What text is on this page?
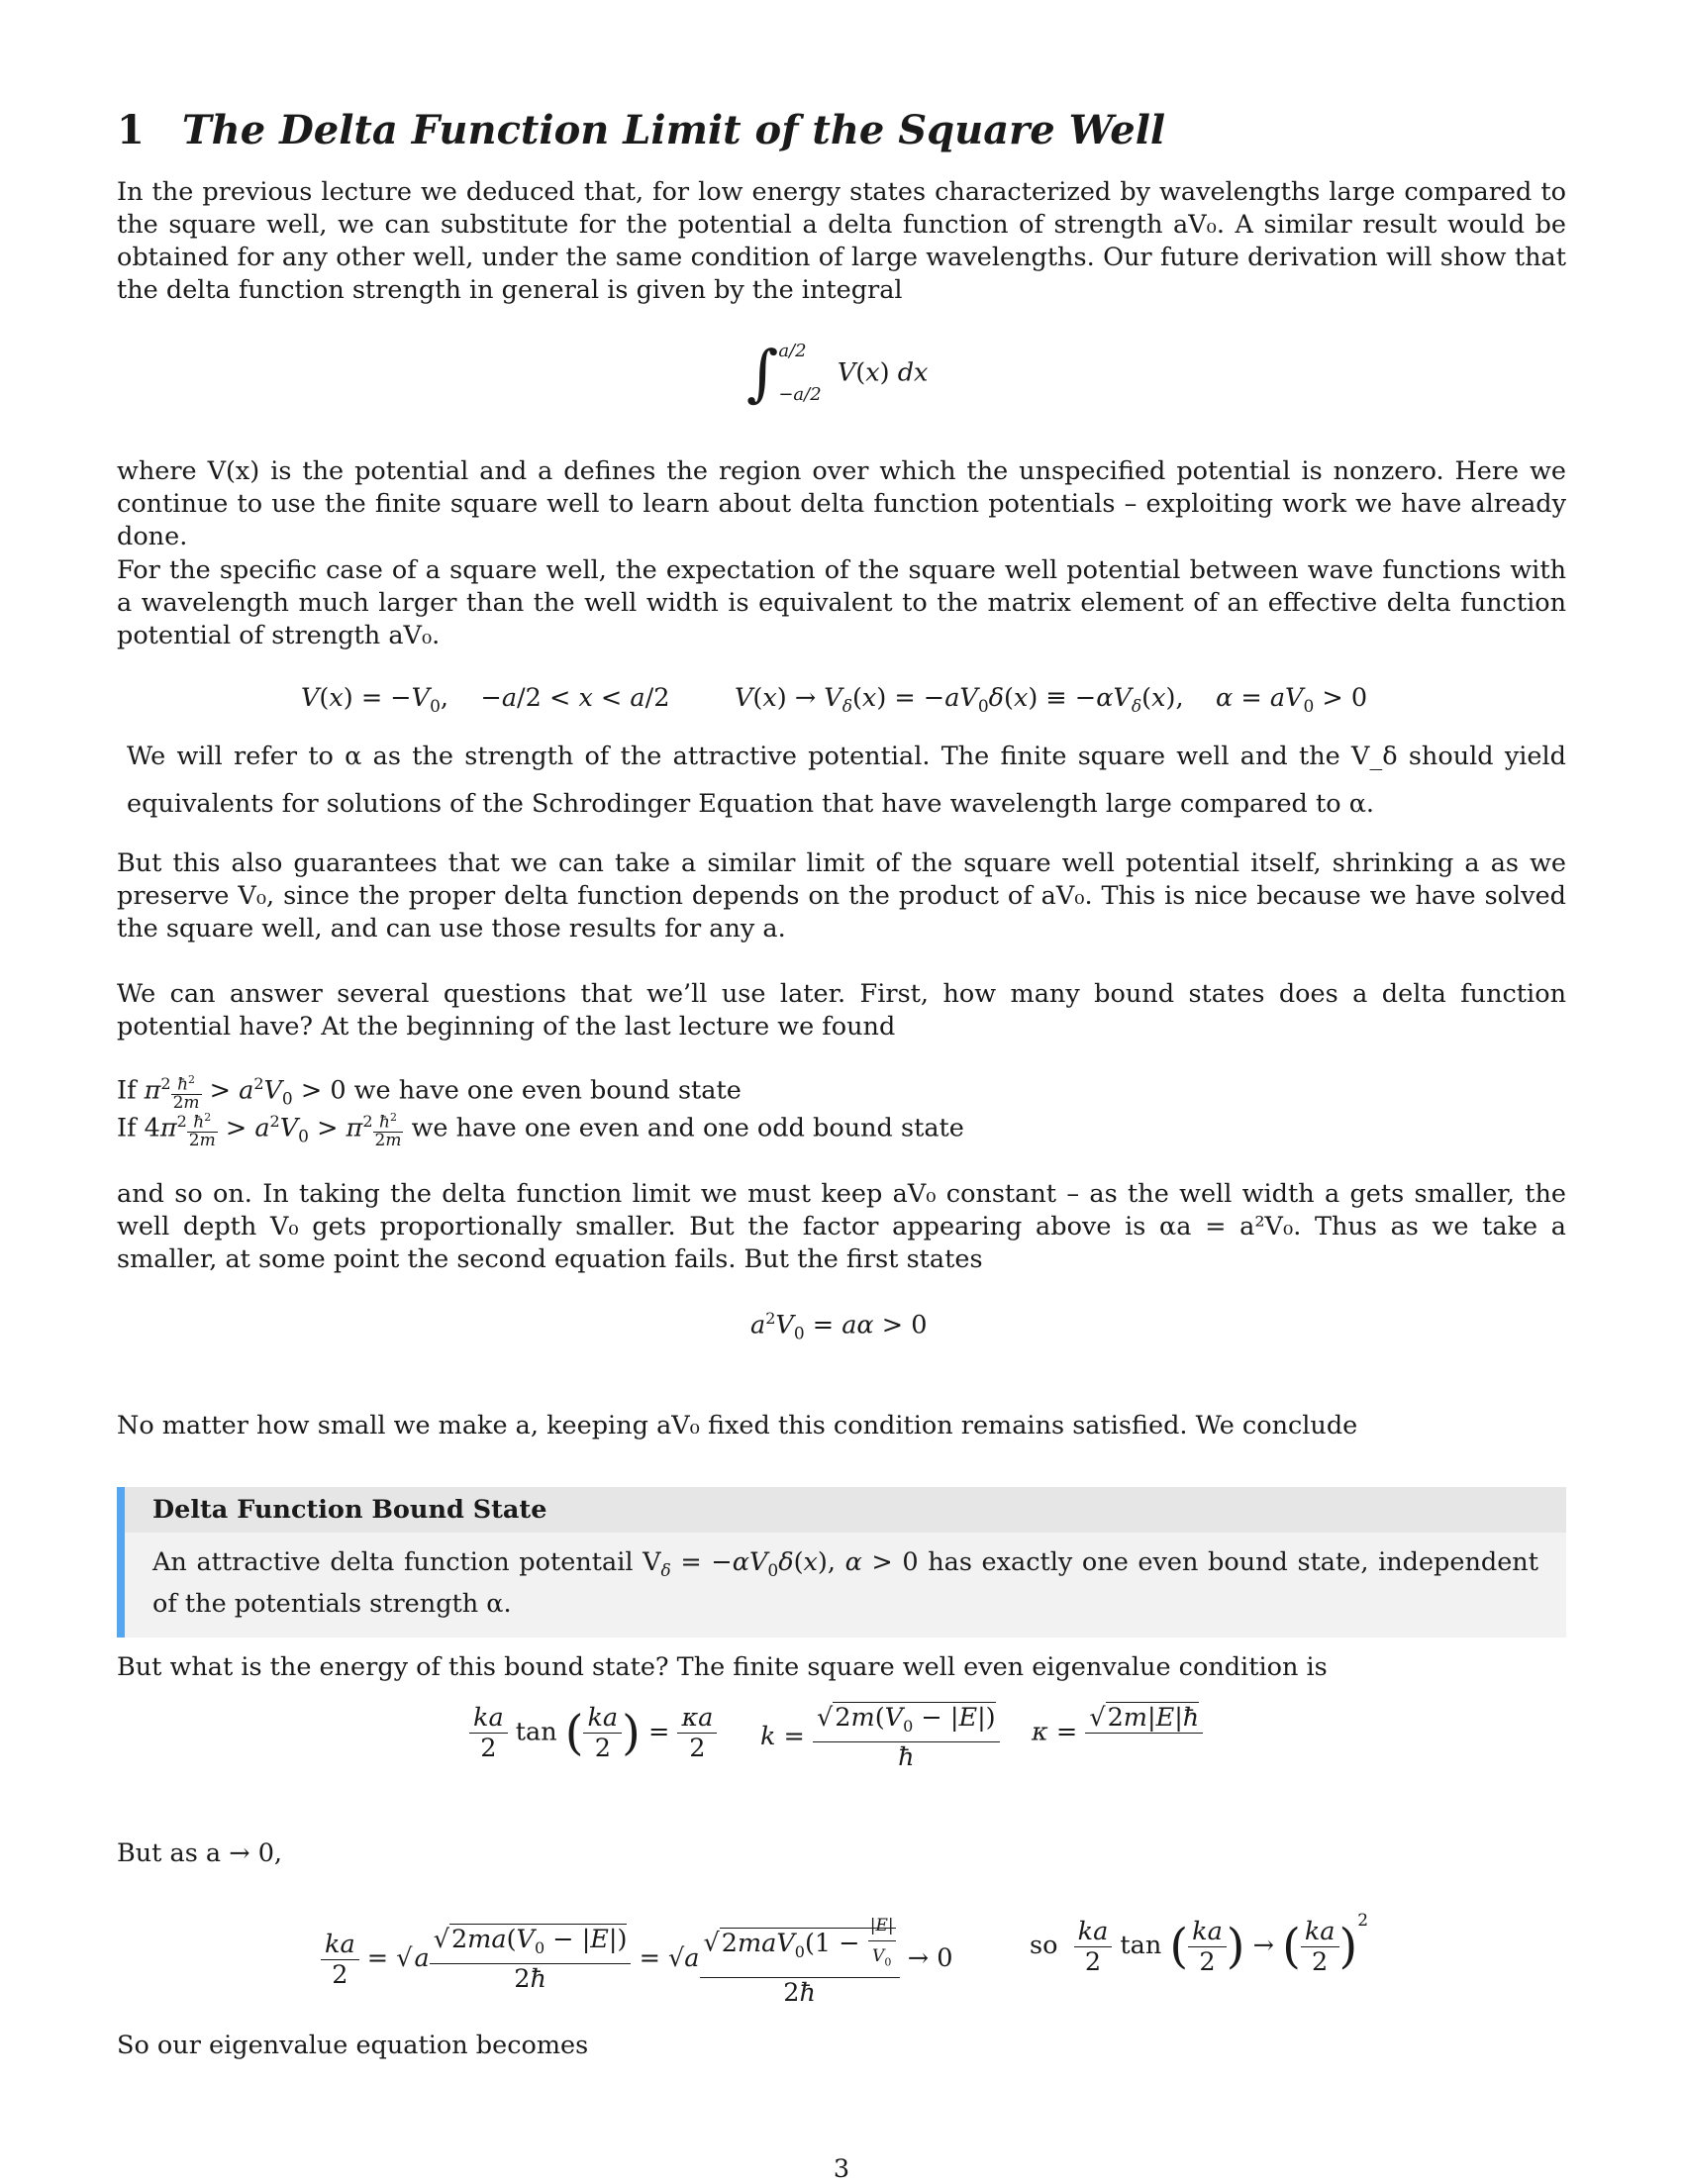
1 The Delta Function Limit of the Square Well

In the previous lecture we deduced that, for low energy states characterized by wavelengths large compared to the square well, we can substitute for the potential a delta function of strength aV₀. A similar result would be obtained for any other well, under the same condition of large wavelengths. Our future derivation will show that the delta function strength in general is given by the integral

∫ a/2
−a/2
V(x) dx

where V(x) is the potential and a defines the region over which the unspecified potential is nonzero. Here we continue to use the finite square well to learn about delta function potentials – exploiting work we have already done.

For the specific case of a square well, the expectation of the square well potential between wave functions with a wavelength much larger than the well width is equivalent to the matrix element of an effective delta function potential of strength aV₀.

$V(x) = -V_0$,    −a/2 < x < a/2	$V(x) \to V_\delta(x) = -aV_0\delta(x) \equiv -\alpha V_\delta(x)$,    $\alpha = aV_0 > 0$

We will refer to α as the strength of the attractive potential. The finite square well and the V_δ should yield equivalents for solutions of the Schrodinger Equation that have wavelength large compared to α.

But this also guarantees that we can take a similar limit of the square well potential itself, shrinking a as we preserve V₀, since the proper delta function depends on the product of aV₀. This is nice because we have solved the square well, and can use those results for any a.

We can answer several questions that we’ll use later. First, how many bound states does a delta function potential have? At the beginning of the last lecture we found

If $\pi^2 \frac{ħ^2}{2m} > a^2V_0 > 0$ we have one even bound state
If $4\pi^2 \frac{ħ^2}{2m} > a^2V_0 > \pi^2 \frac{ħ^2}{2m}$ we have one even and one odd bound state

and so on. In taking the delta function limit we must keep aV₀ constant – as the well width a gets smaller, the well depth V₀ gets proportionally smaller. But the factor appearing above is αa = a²V₀. Thus as we take a smaller, at some point the second equation fails. But the first states

$a^2V_0 = a\alpha > 0$

No matter how small we make a, keeping aV₀ fixed this condition remains satisfied. We conclude

Delta Function Bound State
An attractive delta function potentail $V_\delta = -\alpha V_0\delta(x)$, α > 0 has exactly one even bound state, independent of the potentials strength α.

But what is the energy of this bound state? The finite square well even eigenvalue condition is

$\frac{ka}{2}$ tan ( $\frac{ka}{2}$ ) = $\frac{\kappa a}{2}$ $k = \frac{√2m(V_0 - |E|)}{ħ}$ κ = √2m|E|ħ

But as a → 0,

$\frac{ka}{2} = √a \frac{√2ma(V_0 - |E|)}{2ħ} = √a \frac{√2maV_0(1 - \frac{|E|}{V_0}}{2ħ} \to 0$	so $\frac{ka}{2}$ tan ( $\frac{ka}{2}$ ) → ( $\frac{ka}{2} )^2$

So our eigenvalue equation becomes

3
